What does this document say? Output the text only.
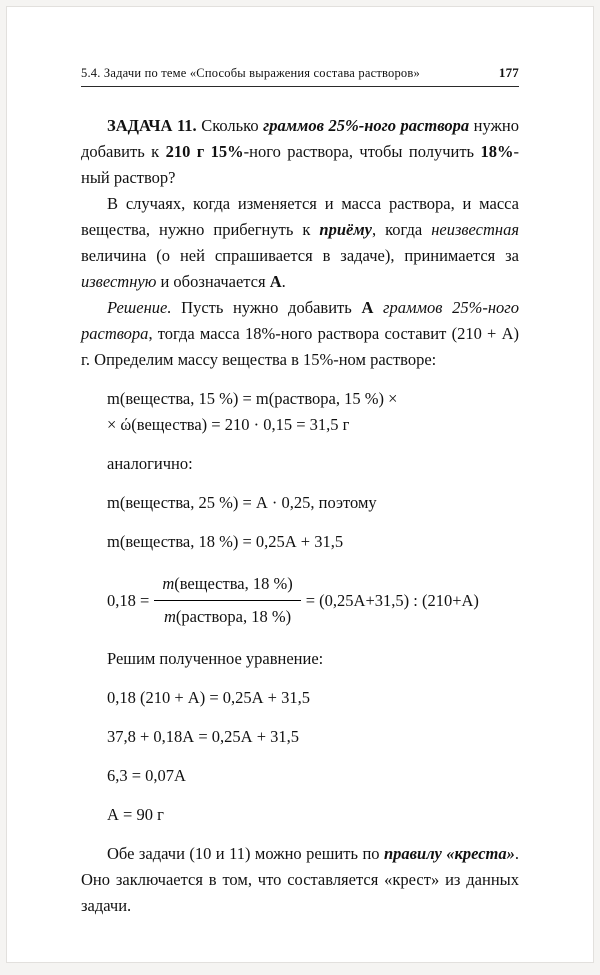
5.4. Задачи по теме «Способы выражения состава растворов»	177
ЗАДАЧА 11. Сколько граммов 25%-ного раствора нужно добавить к 210 г 15%-ного раствора, чтобы получить 18%-ный раствор?
В случаях, когда изменяется и масса раствора, и масса вещества, нужно прибегнуть к приёму, когда неизвестная величина (о ней спрашивается в задаче), принимается за известную и обозначается А.
Решение. Пусть нужно добавить А граммов 25%-ного раствора, тогда масса 18%-ного раствора составит (210 + А) г. Определим массу вещества в 15%-ном растворе:
m(вещества, 15 %) = m(раствора, 15 %) ×
× ώ(вещества) = 210 · 0,15 = 31,5 г
аналогично:
m(вещества, 25 %) = А · 0,25, поэтому
m(вещества, 18 %) = 0,25А + 31,5
$0,18 = \frac{\text{m(вещества, 18 \%)}}{\text{m(раствора, 18 \%)}} = (0,25А+31,5)$ : (210+А)
Решим полученное уравнение:
0,18 (210 + А) = 0,25А + 31,5
37,8 + 0,18А = 0,25А + 31,5
6,3 = 0,07А
А = 90 г
Обе задачи (10 и 11) можно решить по правилу «креста». Оно заключается в том, что составляется «крест» из данных задачи.
